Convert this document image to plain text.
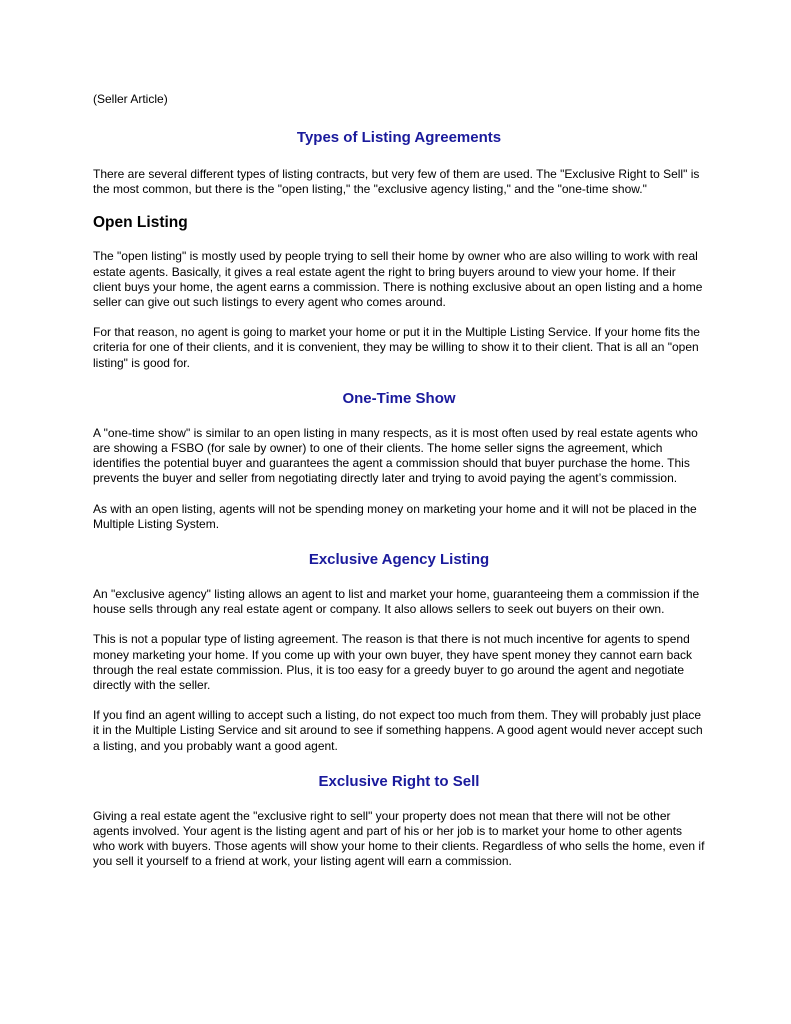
(Seller Article)

Types of Listing Agreements

There are several different types of listing contracts, but very few of them are used. The "Exclusive Right to Sell" is the most common, but there is the "open listing," the "exclusive agency listing," and the "one-time show."

Open Listing

The "open listing" is mostly used by people trying to sell their home by owner who are also willing to work with real estate agents. Basically, it gives a real estate agent the right to bring buyers around to view your home. If their client buys your home, the agent earns a commission. There is nothing exclusive about an open listing and a home seller can give out such listings to every agent who comes around.

For that reason, no agent is going to market your home or put it in the Multiple Listing Service. If your home fits the criteria for one of their clients, and it is convenient, they may be willing to show it to their client. That is all an "open listing" is good for.

One-Time Show

A "one-time show" is similar to an open listing in many respects, as it is most often used by real estate agents who are showing a FSBO (for sale by owner) to one of their clients. The home seller signs the agreement, which identifies the potential buyer and guarantees the agent a commission should that buyer purchase the home. This prevents the buyer and seller from negotiating directly later and trying to avoid paying the agent’s commission.

As with an open listing, agents will not be spending money on marketing your home and it will not be placed in the Multiple Listing System.

Exclusive Agency Listing

An "exclusive agency" listing allows an agent to list and market your home, guaranteeing them a commission if the house sells through any real estate agent or company. It also allows sellers to seek out buyers on their own.

This is not a popular type of listing agreement. The reason is that there is not much incentive for agents to spend money marketing your home. If you come up with your own buyer, they have spent money they cannot earn back through the real estate commission. Plus, it is too easy for a greedy buyer to go around the agent and negotiate directly with the seller.

If you find an agent willing to accept such a listing, do not expect too much from them. They will probably just place it in the Multiple Listing Service and sit around to see if something happens. A good agent would never accept such a listing, and you probably want a good agent.

Exclusive Right to Sell

Giving a real estate agent the "exclusive right to sell" your property does not mean that there will not be other agents involved. Your agent is the listing agent and part of his or her job is to market your home to other agents who work with buyers. Those agents will show your home to their clients. Regardless of who sells the home, even if you sell it yourself to a friend at work, your listing agent will earn a commission.
